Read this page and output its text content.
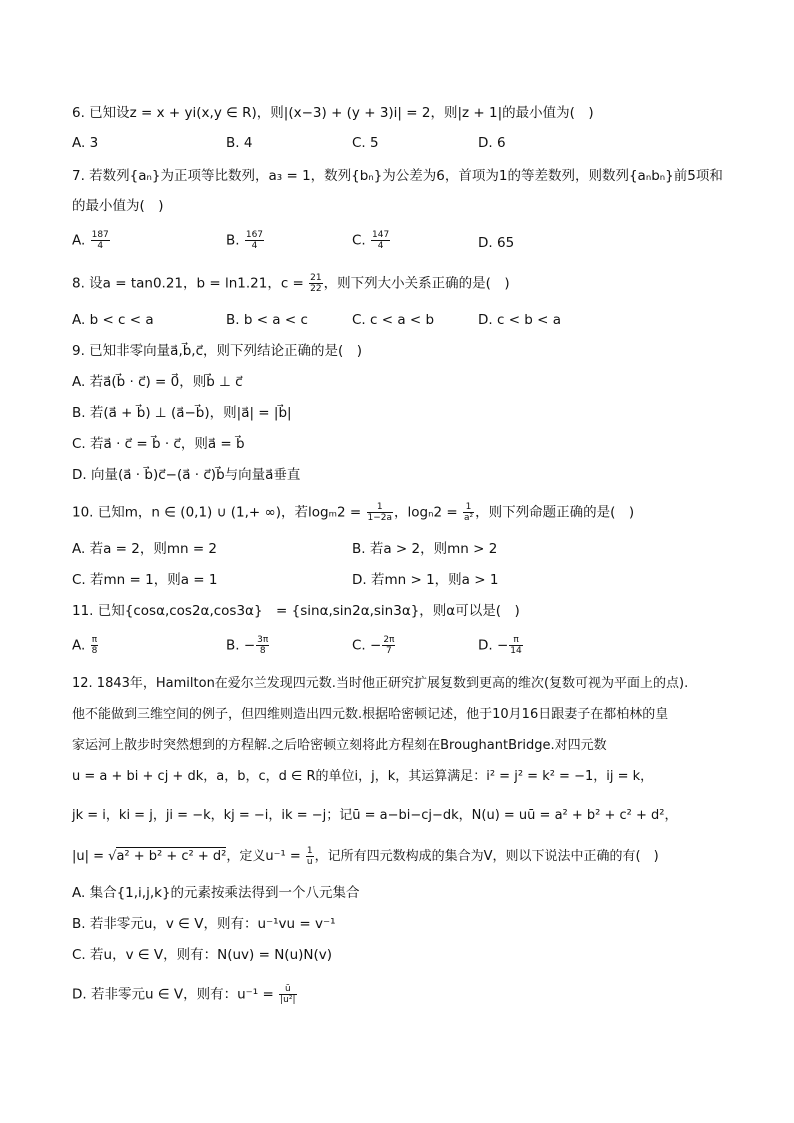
6. 已知设z = x + yi(x,y ∈ R)，则|(x−3) + (y + 3)i| = 2，则|z + 1|的最小值为(　)
A. 3	B. 4	C. 5	D. 6
7. 若数列{aₙ}为正项等比数列，a₃ = 1，数列{bₙ}为公差为6，首项为1的等差数列，则数列{aₙbₙ}前5项和
的最小值为(　)
A. $\frac{187}{4}$	B. $\frac{167}{4}$	C. $\frac{147}{4}$	D. 65
8. 设a = tan0.21，b = ln1.21，$c = \frac{21}{22}$ ，则下列大小关系正确的是(　)
A. b < c < a	B. b < a < c	C. c < a < b	D. c < b < a
9. 已知非零向量a⃗,b⃗,c⃗，则下列结论正确的是(　)
A. 若a⃗(b⃗ · c⃗) = 0⃗，则b⃗ ⊥ c⃗
B. 若(a⃗ + b⃗) ⊥ (a⃗−b⃗)，则|a⃗| = |b⃗|
C. 若a⃗ · c⃗ = b⃗ · c⃗，则a⃗ = b⃗
D. 向量(a⃗ · b⃗)c⃗−(a⃗ · c⃗)b⃗与向量a⃗垂直
10. 已知m，n ∈ (0,1) ∪ (1,+ ∞)，若$\log_m2 = \frac{1}{1-2a}$ ，$\log_n2 = \frac{1}{\text{a²}}$ ，则下列命题正确的是(　)
A. 若a = 2，则mn = 2	B. 若a > 2，则mn > 2
C. 若mn = 1，则a = 1	D. 若mn > 1，则a > 1
11. 已知{cosα,cos2α,cos3α}　= {sinα,sin2α,sin3α}，则α可以是(　)
A. $\frac{\pi}{8}$	B. − $\frac{3\pi}{8}$	C. − $\frac{2\pi}{7}$	D. − $\frac{\pi}{14}$
12. 1843年，Hamilton在爱尔兰发现四元数.当时他正研究扩展复数到更高的维次(复数可视为平面上的点).
他不能做到三维空间的例子，但四维则造出四元数.根据哈密顿记述，他于10月16日跟妻子在都柏林的皇
家运河上散步时突然想到的方程解.之后哈密顿立刻将此方程刻在BroughantBridge.对四元数
u = a + bi + cj + dk，a，b，c，d ∈ R的单位i，j，k，其运算满足：i² = j² = k² = −1，ij = k，
jk = i，ki = j，ji = −k，kj = −i，ik = −j；记ū = a−bi−cj−dk，N(u) = uū = a² + b² + c² + d²，
|u| = √a² + b² + c² + d²，定义$u^{-1} = \frac{1}{u}$ ，记所有四元数构成的集合为V，则以下说法中正确的有(　)
A. 集合{1,i,j,k}的元素按乘法得到一个八元集合
B. 若非零元u，v ∈ V，则有：u⁻¹vu = v⁻¹
C. 若u，v ∈ V，则有：N(uv) = N(u)N(v)
D. 若非零元u ∈ V，则有：$u^{-1} = \frac{ū}{\text{|u²|}}$
